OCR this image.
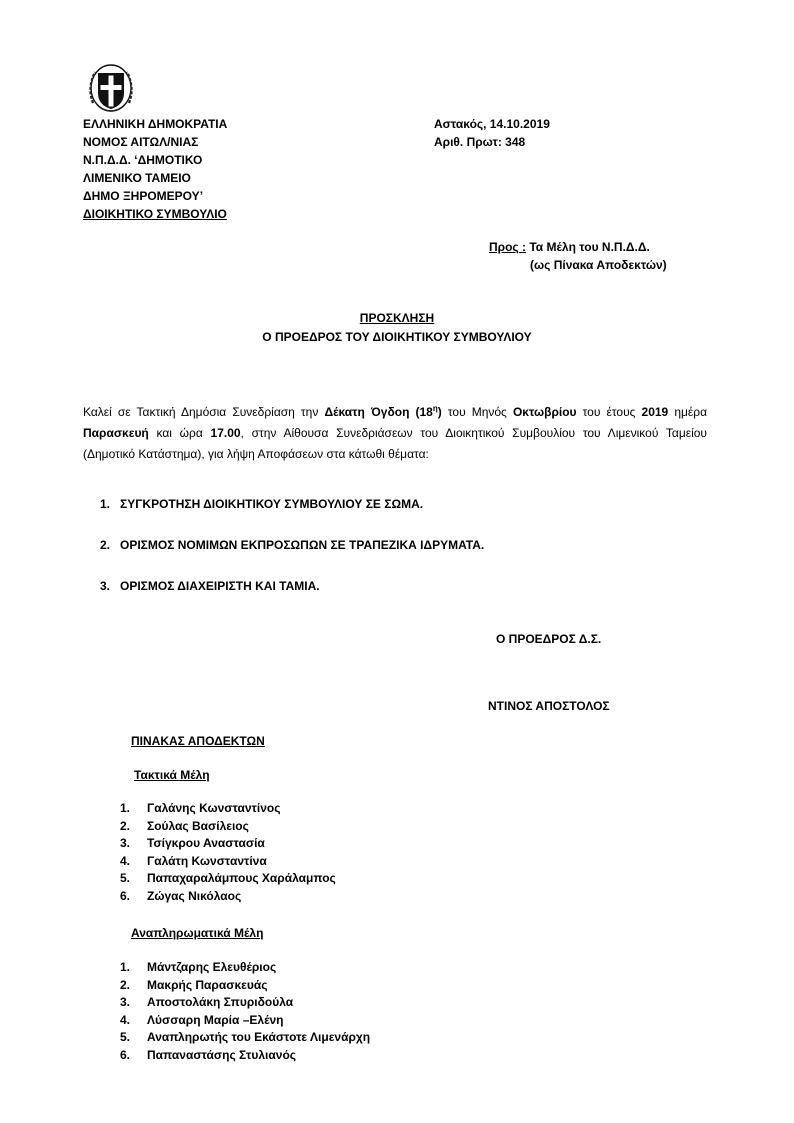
ΕΛΛΗΝΙΚΗ ΔΗΜΟΚΡΑΤΙΑ
ΝΟΜΟΣ ΑΙΤΩΛ/ΝΙΑΣ
Ν.Π.Δ.Δ. ‘ΔΗΜΟΤΙΚΟ
ΛΙΜΕΝΙΚΟ ΤΑΜΕΙΟ
ΔΗΜΟ ΞΗΡΟΜΕΡΟΥ’
ΔΙΟΙΚΗΤΙΚΟ ΣΥΜΒΟΥΛΙΟ
Αστακός, 14.10.2019
Αριθ. Πρωτ: 348
Προς : Τα Μέλη του Ν.Π.Δ.Δ.
(ως Πίνακα Αποδεκτών)
ΠΡΟΣΚΛΗΣΗ
Ο ΠΡΟΕΔΡΟΣ ΤΟΥ ΔΙΟΙΚΗΤΙΚΟΥ ΣΥΜΒΟΥΛΙΟΥ
Καλεί σε Τακτική Δημόσια Συνεδρίαση την Δέκατη Όγδοη $(18^\eta)$ του Μηνός Οκτωβρίου του έτους 2019 ημέρα Παρασκευή και ώρα 17.00, στην Αίθουσα Συνεδριάσεων του Διοικητικού Συμβουλίου του Λιμενικού Ταμείου (Δημοτικό Κατάστημα), για λήψη Αποφάσεων στα κάτωθι θέματα:
1. ΣΥΓΚΡΟΤΗΣΗ ΔΙΟΙΚΗΤΙΚΟΥ ΣΥΜΒΟΥΛΙΟΥ ΣΕ ΣΩΜΑ.
2. ΟΡΙΣΜΟΣ ΝΟΜΙΜΩΝ ΕΚΠΡΟΣΩΠΩΝ ΣΕ ΤΡΑΠΕΖΙΚΑ ΙΔΡΥΜΑΤΑ.
3. ΟΡΙΣΜΟΣ ΔΙΑΧΕΙΡΙΣΤΗ ΚΑΙ ΤΑΜΙΑ.
Ο ΠΡΟΕΔΡΟΣ Δ.Σ.
ΝΤΙΝΟΣ ΑΠΟΣΤΟΛΟΣ
ΠΙΝΑΚΑΣ ΑΠΟΔΕΚΤΩΝ
Τακτικά Μέλη
1. Γαλάνης Κωνσταντίνος
2. Σούλας Βασίλειος
3. Τσίγκρου Αναστασία
4. Γαλάτη Κωνσταντίνα
5. Παπαχαραλάμπους Χαράλαμπος
6. Ζώγας Νικόλαος
Αναπληρωματικά Μέλη
1. Μάντζαρης Ελευθέριος
2. Μακρής Παρασκευάς
3. Αποστολάκη Σπυριδούλα
4. Λύσσαρη Μαρία –Ελένη
5. Αναπληρωτής του Εκάστοτε Λιμενάρχη
6. Παπαναστάσης Στυλιανός
